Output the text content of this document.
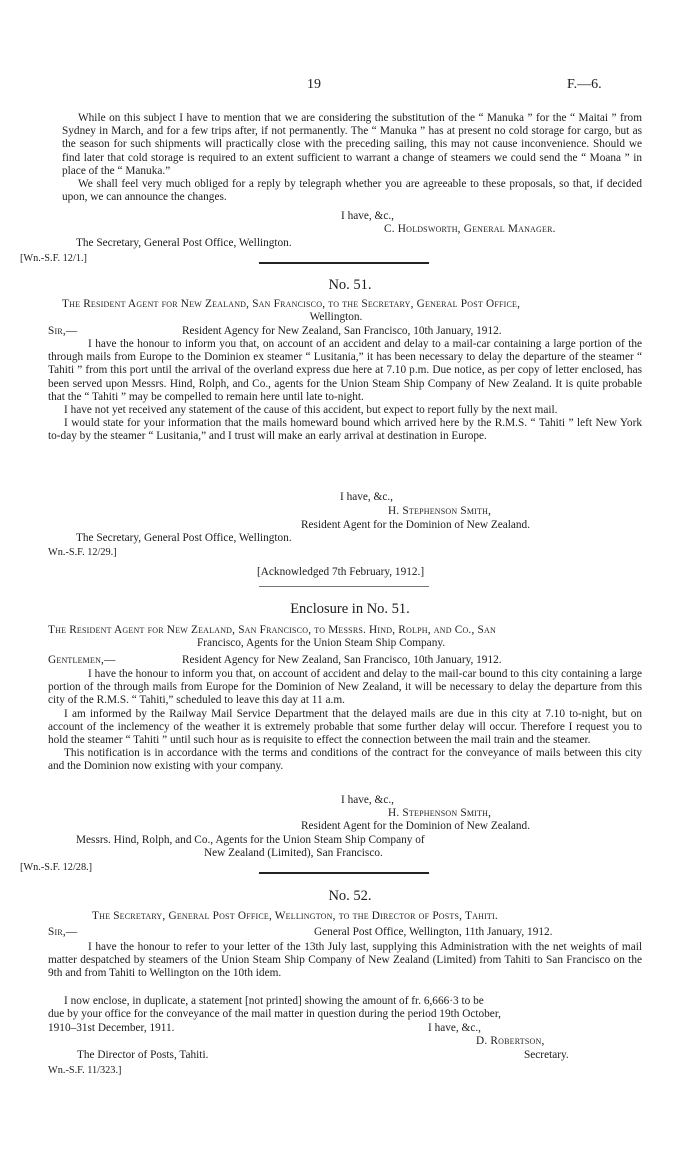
19	F.—6.

While on this subject I have to mention that we are considering the substitution of the “ Manuka ” for the “ Maitai ” from Sydney in March, and for a few trips after, if not permanently. The “ Manuka ” has at present no cold storage for cargo, but as the season for such shipments will practically close with the preceding sailing, this may not cause inconvenience. Should we find later that cold storage is required to an extent sufficient to warrant a change of steamers we could send the “ Moana ” in place of the “ Manuka.”

We shall feel very much obliged for a reply by telegraph whether you are agreeable to these proposals, so that, if decided upon, we can announce the changes.

I have, &c.,
C. Holdsworth, General Manager.
The Secretary, General Post Office, Wellington.
[Wn.-S.F. 12/1.]
No. 51.
The Resident Agent for New Zealand, San Francisco, to the Secretary, General Post Office,
Wellington.
Sir,—	Resident Agency for New Zealand, San Francisco, 10th January, 1912.

I have the honour to inform you that, on account of an accident and delay to a mail-car containing a large portion of the through mails from Europe to the Dominion ex steamer “ Lusitania,” it has been necessary to delay the departure of the steamer “ Tahiti ” from this port until the arrival of the overland express due here at 7.10 p.m. Due notice, as per copy of letter enclosed, has been served upon Messrs. Hind, Rolph, and Co., agents for the Union Steam Ship Company of New Zealand. It is quite probable that the “ Tahiti ” may be compelled to remain here until late to-night.

I have not yet received any statement of the cause of this accident, but expect to report fully by the next mail.

I would state for your information that the mails homeward bound which arrived here by the R.M.S. “ Tahiti ” left New York to-day by the steamer “ Lusitania,” and I trust will make an early arrival at destination in Europe.

I have, &c.,
H. Stephenson Smith,
Resident Agent for the Dominion of New Zealand.
The Secretary, General Post Office, Wellington.
Wn.-S.F. 12/29.]
[Acknowledged 7th February, 1912.]
Enclosure in No. 51.
The Resident Agent for New Zealand, San Francisco, to Messrs. Hind, Rolph, and Co., San
Francisco, Agents for the Union Steam Ship Company.
Gentlemen,—	Resident Agency for New Zealand, San Francisco, 10th January, 1912.

I have the honour to inform you that, on account of accident and delay to the mail-car bound to this city containing a large portion of the through mails from Europe for the Dominion of New Zealand, it will be necessary to delay the departure from this city of the R.M.S. “ Tahiti,” scheduled to leave this day at 11 a.m.

I am informed by the Railway Mail Service Department that the delayed mails are due in this city at 7.10 to-night, but on account of the inclemency of the weather it is extremely probable that some further delay will occur. Therefore I request you to hold the steamer “ Tahiti ” until such hour as is requisite to effect the connection between the mail train and the steamer.

This notification is in accordance with the terms and conditions of the contract for the conveyance of mails between this city and the Dominion now existing with your company.

I have, &c.,
H. Stephenson Smith,
Resident Agent for the Dominion of New Zealand.
Messrs. Hind, Rolph, and Co., Agents for the Union Steam Ship Company of
New Zealand (Limited), San Francisco.
[Wn.-S.F. 12/28.]
No. 52.
The Secretary, General Post Office, Wellington, to the Director of Posts, Tahiti.
Sir,—	General Post Office, Wellington, 11th January, 1912.

I have the honour to refer to your letter of the 13th July last, supplying this Administration with the net weights of mail matter despatched by steamers of the Union Steam Ship Company of New Zealand (Limited) from Tahiti to San Francisco on the 9th and from Tahiti to Wellington on the 10th idem.

I now enclose, in duplicate, a statement [not printed] showing the amount of fr. 6,666·3 to be
due by your office for the conveyance of the mail matter in question during the period 19th October,
1910–31st December, 1911.	I have, &c.,
D. Robertson,
Secretary.
The Director of Posts, Tahiti.
Wn.-S.F. 11/323.]
